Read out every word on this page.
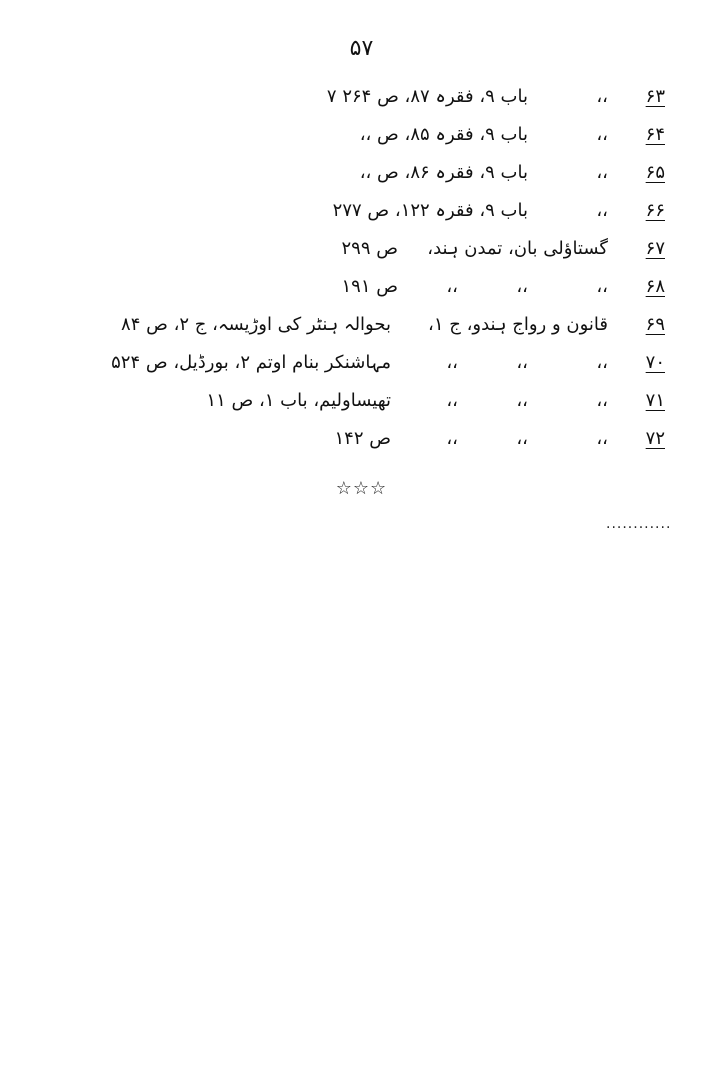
۵۷
۶۳
،،
باب ۹، فقرہ ۸۷، ص ۲۶۴ ۷
۶۴
،،
باب ۹، فقرہ ۸۵، ص ،،
۶۵
،،
باب ۹، فقرہ ۸۶، ص ،،
۶۶
،،
باب ۹، فقرہ ۱۲۲، ص ۲۷۷
۶۷
گستاؤلی بان، تمدن ہند،
ص ۲۹۹
۶۸
،،
،،
،،
ص ۱۹۱
۶۹
قانون و رواج ہندو، ج ۱،
بحوالہ ہنٹر کی اوڑیسہ، ج ۲، ص ۸۴
۷۰
،،
،،
،،
مہاشنکر بنام اوتم ۲، بورڈیل، ص ۵۲۴
۷۱
،،
،،
،،
تھیساولیم، باب ۱، ص ۱۱
۷۲
،،
،،
،،
ص ۱۴۲
☆☆☆
............
